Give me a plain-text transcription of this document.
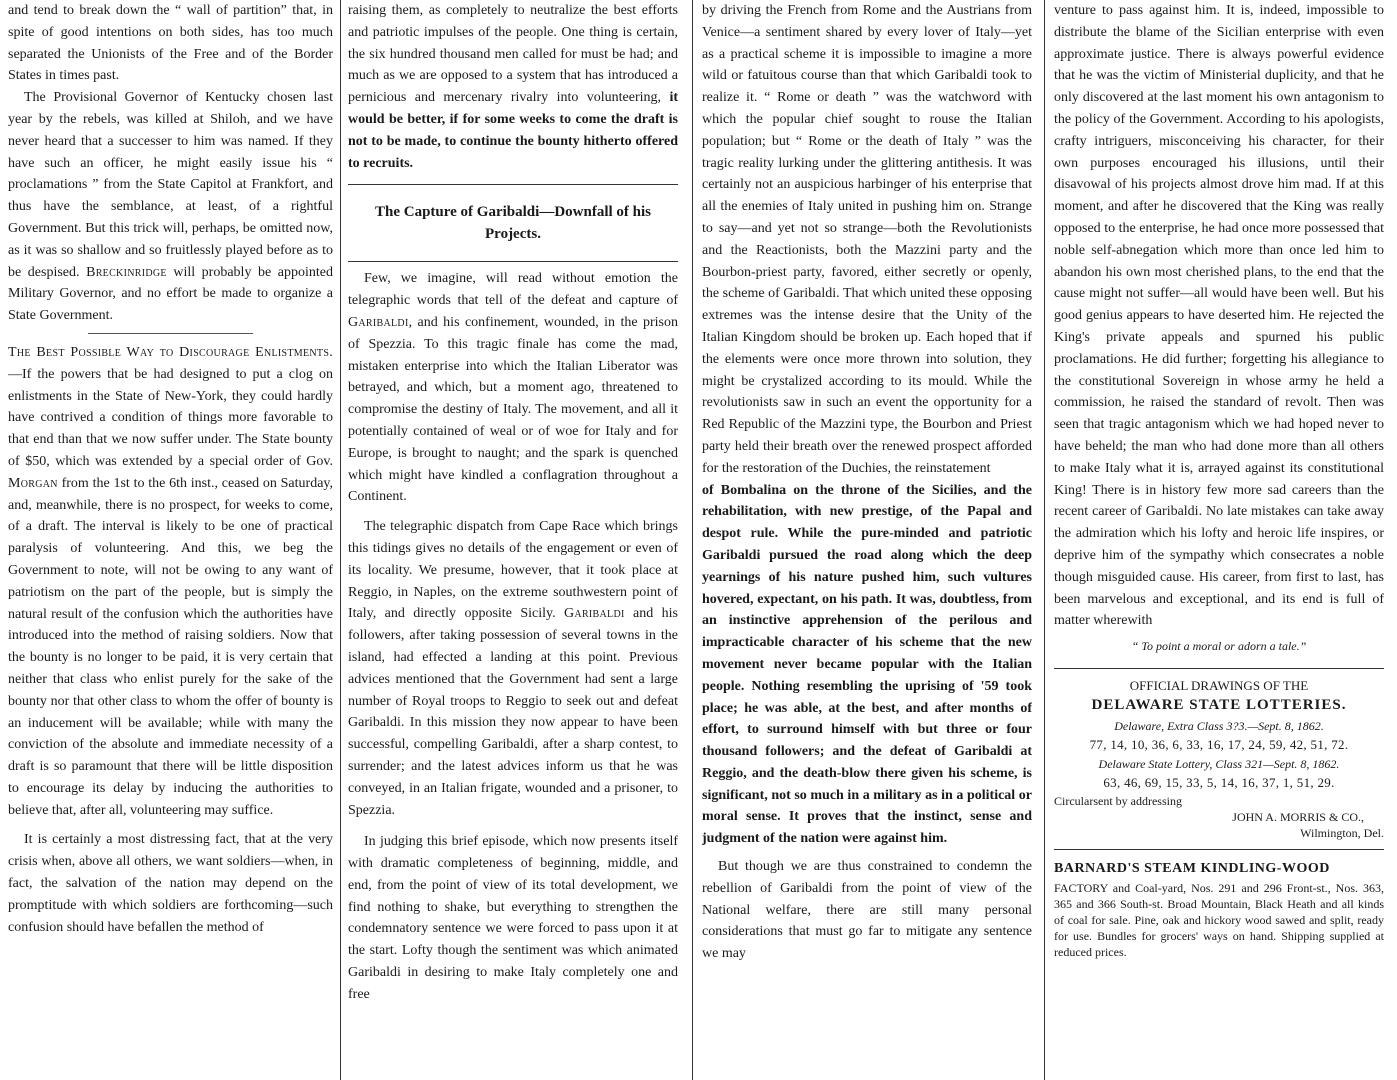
and tend to break down the “ wall of partition” that, in spite of good intentions on both sides, has too much separated the Unionists of the Free and of the Border States in times past.

The Provisional Governor of Kentucky chosen last year by the rebels, was killed at Shiloh, and we have never heard that a successer to him was named. If they have such an officer, he might easily issue his “ proclamations ” from the State Capitol at Frankfort, and thus have the semblance, at least, of a rightful Government. But this trick will, perhaps, be omitted now, as it was so shallow and so fruitlessly played before as to be despised. Breckinridge will probably be appointed Military Governor, and no effort be made to organize a State Government.

The Best Possible Way to Discourage Enlistments.—If the powers that be had designed to put a clog on enlistments in the State of New-York, they could hardly have contrived a condition of things more favorable to that end than that we now suffer under. The State bounty of $50, which was extended by a special order of Gov. Morgan from the 1st to the 6th inst., ceased on Saturday, and, meanwhile, there is no prospect, for weeks to come, of a draft. The interval is likely to be one of practical paralysis of volunteering. And this, we beg the Government to note, will not be owing to any want of patriotism on the part of the people, but is simply the natural result of the confusion which the authorities have introduced into the method of raising soldiers. Now that the bounty is no longer to be paid, it is very certain that neither that class who enlist purely for the sake of the bounty nor that other class to whom the offer of bounty is an inducement will be available; while with many the conviction of the absolute and immediate necessity of a draft is so paramount that there will be little disposition to encourage its delay by inducing the authorities to believe that, after all, volunteering may suffice.

It is certainly a most distressing fact, that at the very crisis when, above all others, we want soldiers—when, in fact, the salvation of the nation may depend on the promptitude with which soldiers are forthcoming—such confusion should have befallen the method of

raising them, as completely to neutralize the best efforts and patriotic impulses of the people. One thing is certain, the six hundred thousand men called for must be had; and much as we are opposed to a system that has introduced a pernicious and mercenary rivalry into volunteering, it would be better, if for some weeks to come the draft is not to be made, to continue the bounty hitherto offered to recruits.

The Capture of Garibaldi—Downfall of his Projects.

Few, we imagine, will read without emotion the telegraphic words that tell of the defeat and capture of Garibaldi, and his confinement, wounded, in the prison of Spezzia. To this tragic finale has come the mad, mistaken enterprise into which the Italian Liberator was betrayed, and which, but a moment ago, threatened to compromise the destiny of Italy. The movement, and all it potentially contained of weal or of woe for Italy and for Europe, is brought to naught; and the spark is quenched which might have kindled a conflagration throughout a Continent.

The telegraphic dispatch from Cape Race which brings this tidings gives no details of the engagement or even of its locality. We presume, however, that it took place at Reggio, in Naples, on the extreme southwestern point of Italy, and directly opposite Sicily. Garibaldi and his followers, after taking possession of several towns in the island, had effected a landing at this point. Previous advices mentioned that the Government had sent a large number of Royal troops to Reggio to seek out and defeat Garibaldi. In this mission they now appear to have been successful, compelling Garibaldi, after a sharp contest, to surrender; and the latest advices inform us that he was conveyed, in an Italian frigate, wounded and a prisoner, to Spezzia.

In judging this brief episode, which now presents itself with dramatic completeness of beginning, middle, and end, from the point of view of its total development, we find nothing to shake, but everything to strengthen the condemnatory sentence we were forced to pass upon it at the start. Lofty though the sentiment was which animated Garibaldi in desiring to make Italy completely one and free

by driving the French from Rome and the Austrians from Venice—a sentiment shared by every lover of Italy—yet as a practical scheme it is impossible to imagine a more wild or fatuitous course than that which Garibaldi took to realize it. “ Rome or death ” was the watchword with which the popular chief sought to rouse the Italian population; but “ Rome or the death of Italy ” was the tragic reality lurking under the glittering antithesis. It was certainly not an auspicious harbinger of his enterprise that all the enemies of Italy united in pushing him on. Strange to say—and yet not so strange—both the Revolutionists and the Reactionists, both the Mazzini party and the Bourbon-priest party, favored, either secretly or openly, the scheme of Garibaldi. That which united these opposing extremes was the intense desire that the Unity of the Italian Kingdom should be broken up. Each hoped that if the elements were once more thrown into solution, they might be crystalized according to its mould. While the revolutionists saw in such an event the opportunity for a Red Republic of the Mazzini type, the Bourbon and Priest party held their breath over the renewed prospect afforded for the restoration of the Duchies, the reinstatement

of Bombalina on the throne of the Sicilies, and the rehabilitation, with new prestige, of the Papal and despot rule. While the pure-minded and patriotic Garibaldi pursued the road along which the deep yearnings of his nature pushed him, such vultures hovered, expectant, on his path. It was, doubtless, from an instinctive apprehension of the perilous and impracticable character of his scheme that the new movement never became popular with the Italian people. Nothing resembling the uprising of '59 took place; he was able, at the best, and after months of effort, to surround himself with but three or four thousand followers; and the defeat of Garibaldi at Reggio, and the death-blow there given his scheme, is significant, not so much in a military as in a political or moral sense. It proves that the instinct, sense and judgment of the nation were against him.

But though we are thus constrained to condemn the rebellion of Garibaldi from the point of view of the National welfare, there are still many personal considerations that must go far to mitigate any sentence we may

venture to pass against him. It is, indeed, impossible to distribute the blame of the Sicilian enterprise with even approximate justice. There is always powerful evidence that he was the victim of Ministerial duplicity, and that he only discovered at the last moment his own antagonism to the policy of the Government. According to his apologists, crafty intriguers, misconceiving his character, for their own purposes encouraged his illusions, until their disavowal of his projects almost drove him mad. If at this moment, and after he discovered that the King was really opposed to the enterprise, he had once more possessed that noble self-abnegation which more than once led him to abandon his own most cherished plans, to the end that the cause might not suffer—all would have been well. But his good genius appears to have deserted him. He rejected the King's private appeals and spurned his public proclamations. He did further; forgetting his allegiance to the constitutional Sovereign in whose army he held a commission, he raised the standard of revolt. Then was seen that tragic antagonism which we had hoped never to have beheld; the man who had done more than all others to make Italy what it is, arrayed against its constitutional King! There is in history few more sad careers than the recent career of Garibaldi. No late mistakes can take away the admiration which his lofty and heroic life inspires, or deprive him of the sympathy which consecrates a noble though misguided cause. His career, from first to last, has been marvelous and exceptional, and its end is full of matter wherewith

“ To point a moral or adorn a tale.”
OFFICIAL DRAWINGS OF THE
DELAWARE STATE LOTTERIES.
Delaware, Extra Class 3?3.—Sept. 8, 1862.
77, 14, 10, 36, 6, 33, 16, 17, 24, 59, 42, 51, 72.
Delaware State Lottery, Class 321—Sept. 8, 1862.
63, 46, 69, 15, 33, 5, 14, 16, 37, 1, 51, 29.
Circularsent by addressing
JOHN A. MORRIS & CO.,
Wilmington, Del.
BARNARD'S STEAM KINDLING-WOOD
FACTORY and Coal-yard, Nos. 291 and 296 Front-st., Nos. 363, 365 and 366 South-st. Broad Mountain, Black Heath and all kinds of coal for sale. Pine, oak and hickory wood sawed and split, ready for use. Bundles for grocers' ways on hand. Shipping supplied at reduced prices.
